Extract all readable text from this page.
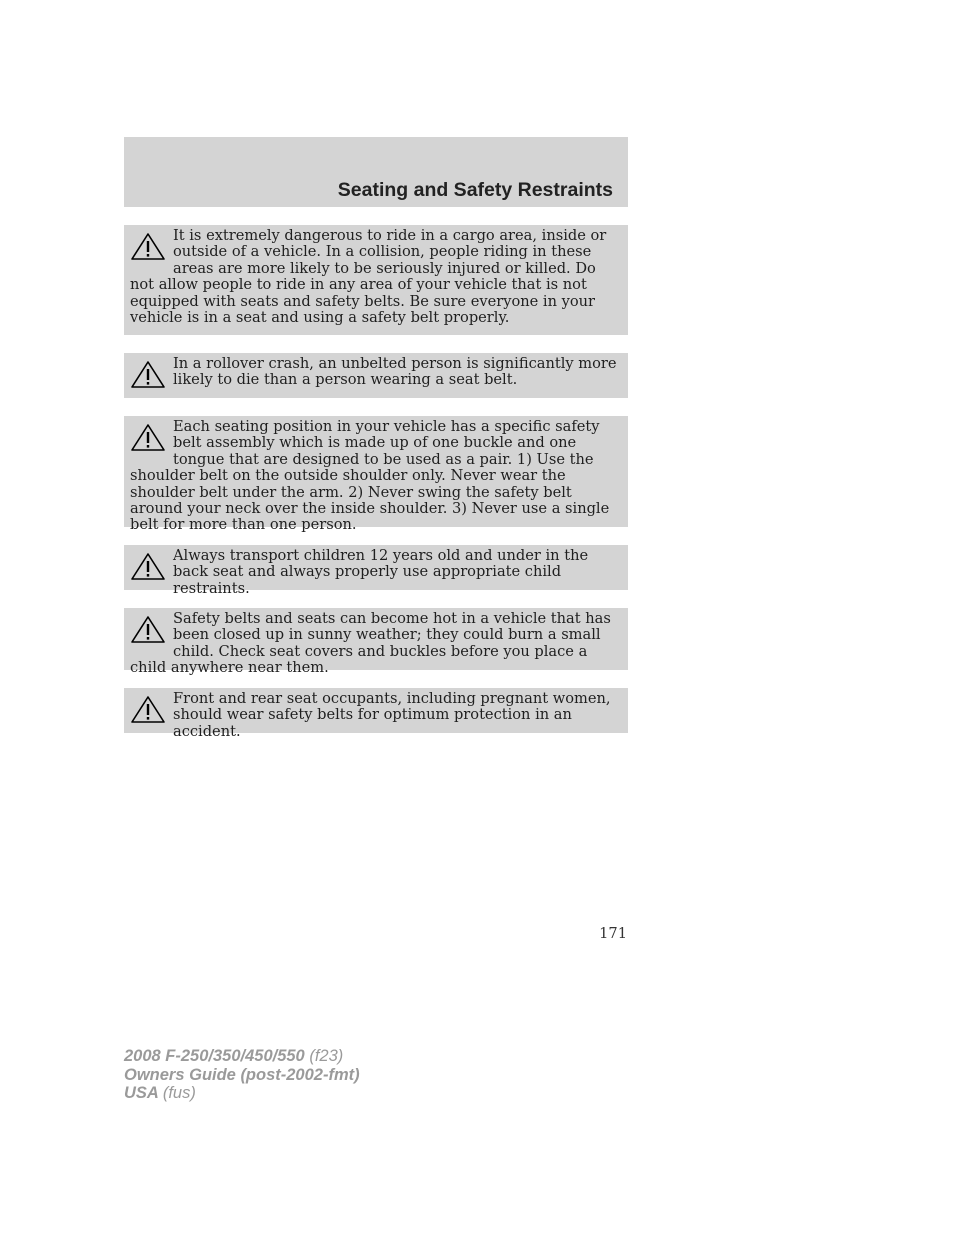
Seating and Safety Restraints

It is extremely dangerous to ride in a cargo area, inside or outside of a vehicle. In a collision, people riding in these areas are more likely to be seriously injured or killed. Do not allow people to ride in any area of your vehicle that is not equipped with seats and safety belts. Be sure everyone in your vehicle is in a seat and using a safety belt properly.

In a rollover crash, an unbelted person is significantly more likely to die than a person wearing a seat belt.

Each seating position in your vehicle has a specific safety belt assembly which is made up of one buckle and one tongue that are designed to be used as a pair. 1) Use the shoulder belt on the outside shoulder only. Never wear the shoulder belt under the arm. 2) Never swing the safety belt around your neck over the inside shoulder. 3) Never use a single belt for more than one person.

Always transport children 12 years old and under in the back seat and always properly use appropriate child restraints.

Safety belts and seats can become hot in a vehicle that has been closed up in sunny weather; they could burn a small child. Check seat covers and buckles before you place a child anywhere near them.

Front and rear seat occupants, including pregnant women, should wear safety belts for optimum protection in an accident.

171
2008 F-250/350/450/550 (f23)
Owners Guide (post-2002-fmt)
USA (fus)
